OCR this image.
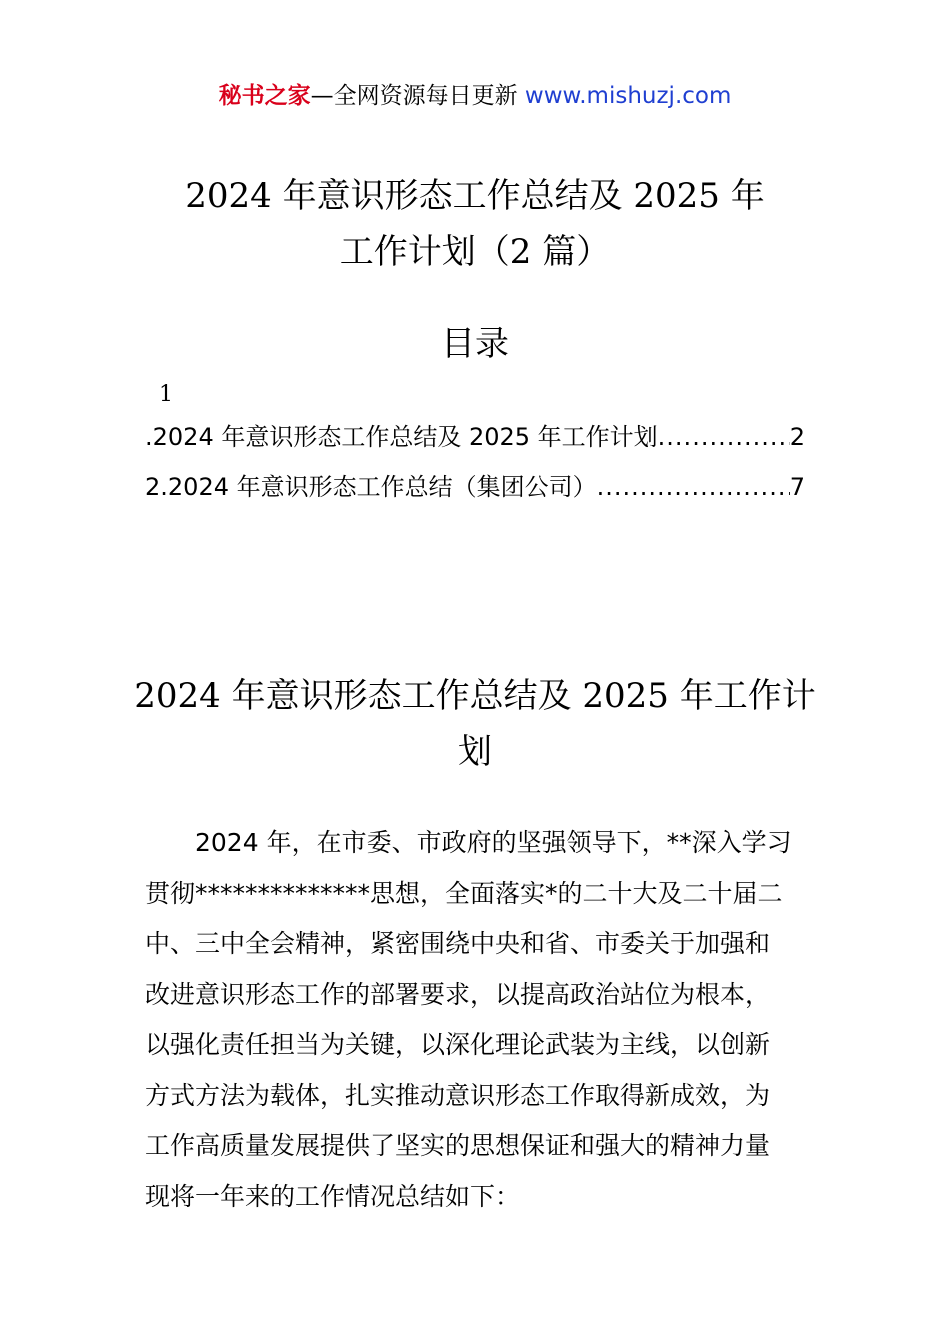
秘书之家—全网资源每日更新 www.mishuzj.com
2024 年意识形态工作总结及 2025 年
工作计划（2 篇）
目录
1
.2024 年意识形态工作总结及 2025 年工作计划 .....	2
2.2024 年意识形态工作总结（集团公司） .....	7
2024 年意识形态工作总结及 2025 年工作计
划
2024 年，在市委、市政府的坚强领导下，**深入学习
贯彻**************思想，全面落实*的二十大及二十届二
中、三中全会精神，紧密围绕中央和省、市委关于加强和
改进意识形态工作的部署要求，以提高政治站位为根本，
以强化责任担当为关键，以深化理论武装为主线，以创新
方式方法为载体，扎实推动意识形态工作取得新成效，为
工作高质量发展提供了坚实的思想保证和强大的精神力量
现将一年来的工作情况总结如下：
